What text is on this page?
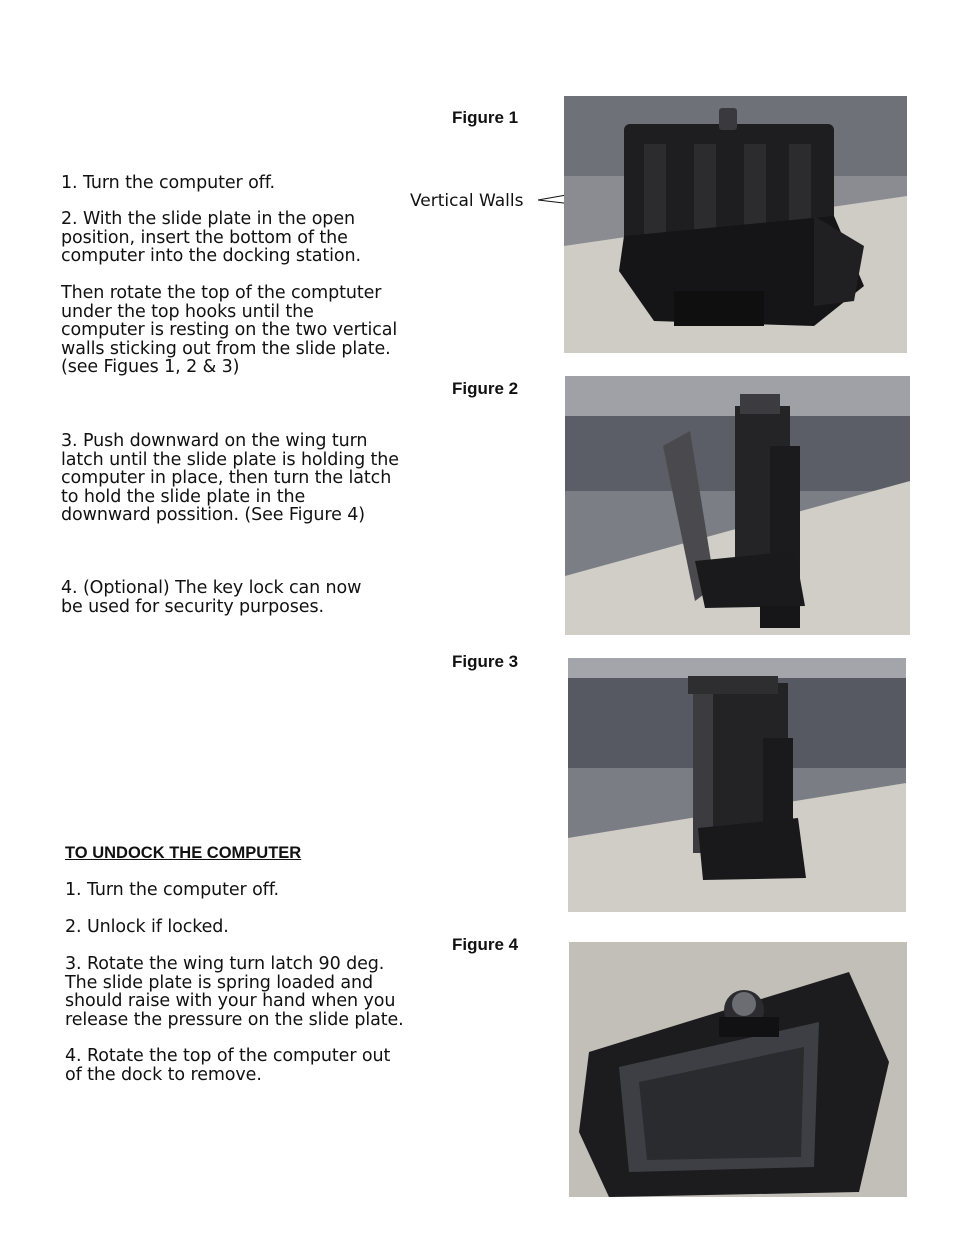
1. Turn the computer off.
2. With the slide plate in the open
position, insert the bottom of the
computer into the docking station.
Then rotate the top of the comptuter
under the top hooks until the
computer is resting on the two vertical
walls sticking out from the slide plate.
(see Figues 1, 2 & 3)
3. Push downward on the wing turn
latch until the slide plate is holding the
computer in place, then turn the latch
to hold the slide plate in the
downward possition. (See Figure 4)
4. (Optional) The key lock can now
be used for security purposes.
TO UNDOCK THE COMPUTER
1. Turn the computer off.
2. Unlock if locked.
3. Rotate the wing turn latch 90 deg.
The slide plate is spring loaded and
should raise with your hand when you
release the pressure on the slide plate.
4. Rotate the top of the computer out
of the dock to remove.
Figure 1
Figure 2
Figure 3
Figure 4
Vertical Walls
